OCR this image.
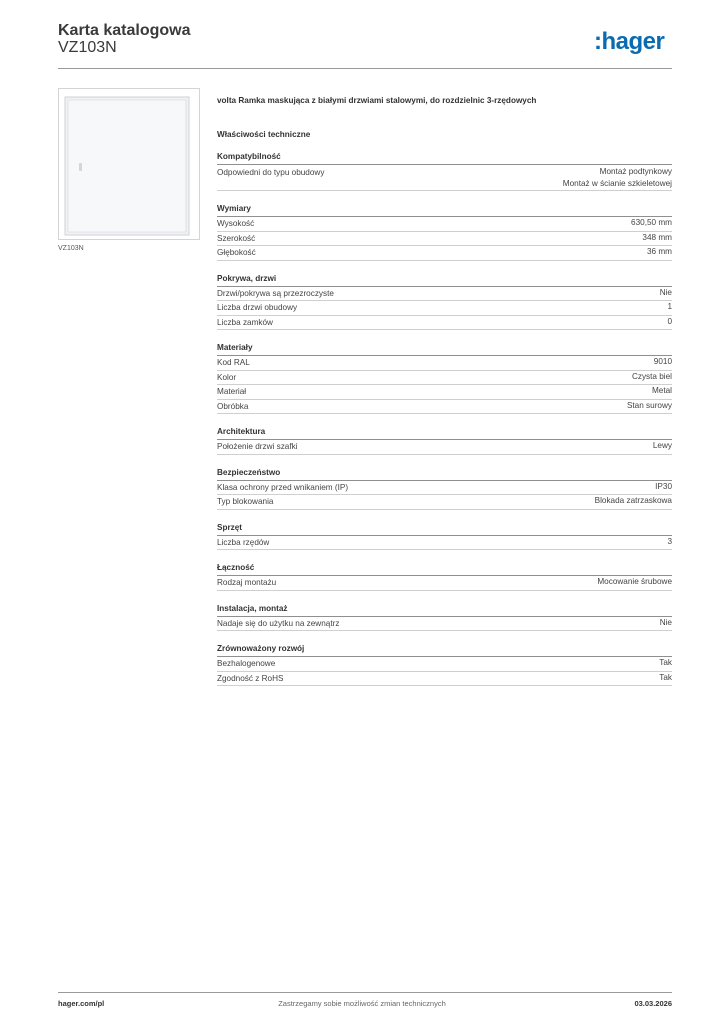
Karta katalogowa
VZ103N	:hager
VZ103N
volta Ramka maskująca z białymi drzwiami stalowymi, do rozdzielnic 3-rzędowych
Właściwości techniczne
Kompatybilność
Odpowiedni do typu obudowy	Montaż podtynkowy
Montaż w ścianie szkieletowej
Wymiary
Wysokość	630,50 mm
Szerokość	348 mm
Głębokość	36 mm
Pokrywa, drzwi
Drzwi/pokrywa są przezroczyste	Nie
Liczba drzwi obudowy	1
Liczba zamków	0
Materiały
Kod RAL	9010
Kolor	Czysta biel
Materiał	Metal
Obróbka	Stan surowy
Architektura
Położenie drzwi szafki	Lewy
Bezpieczeństwo
Klasa ochrony przed wnikaniem (IP)	IP30
Typ blokowania	Blokada zatrzaskowa
Sprzęt
Liczba rzędów	3
Łączność
Rodzaj montażu	Mocowanie śrubowe
Instalacja, montaż
Nadaje się do użytku na zewnątrz	Nie
Zrównoważony rozwój
Bezhalogenowe	Tak
Zgodność z RoHS	Tak
hager.com/pl	Zastrzegamy sobie możliwość zmian technicznych	03.03.2026
